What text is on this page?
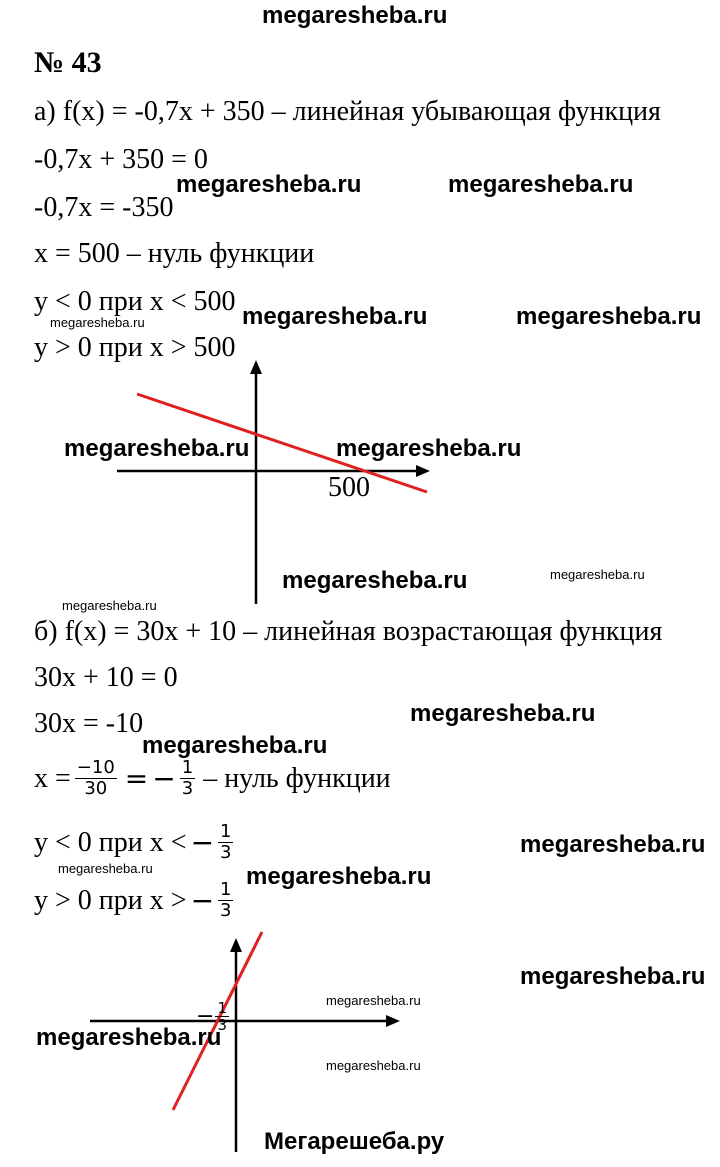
megaresheba.ru
№ 43
а) f(x) = -0,7x + 350 – линейная убывающая функция
-0,7x + 350 = 0
-0,7x = -350
x = 500 – нуль функции
y < 0 при x < 500
y > 0 при x > 500
500
б) f(x) = 30x + 10 – линейная возрастающая функция
30x + 10 = 0
30x = -10
$x = \frac{-10}{30}$ = − $\frac{1}{3}$ – нуль функции
y < 0 при x < − $\frac{1}{3}$
y > 0 при x > − $\frac{1}{3}$
− $\frac{1}{3}$
megaresheba.ru	megaresheba.ru
megaresheba.ru	megaresheba.ru	megaresheba.ru
megaresheba.ru	megaresheba.ru
megaresheba.ru	megaresheba.ru
megaresheba.ru
megaresheba.ru
megaresheba.ru
megaresheba.ru
megaresheba.ru	megaresheba.ru
megaresheba.ru
megaresheba.ru
megaresheba.ru
megaresheba.ru
Мегарешеба.ру
